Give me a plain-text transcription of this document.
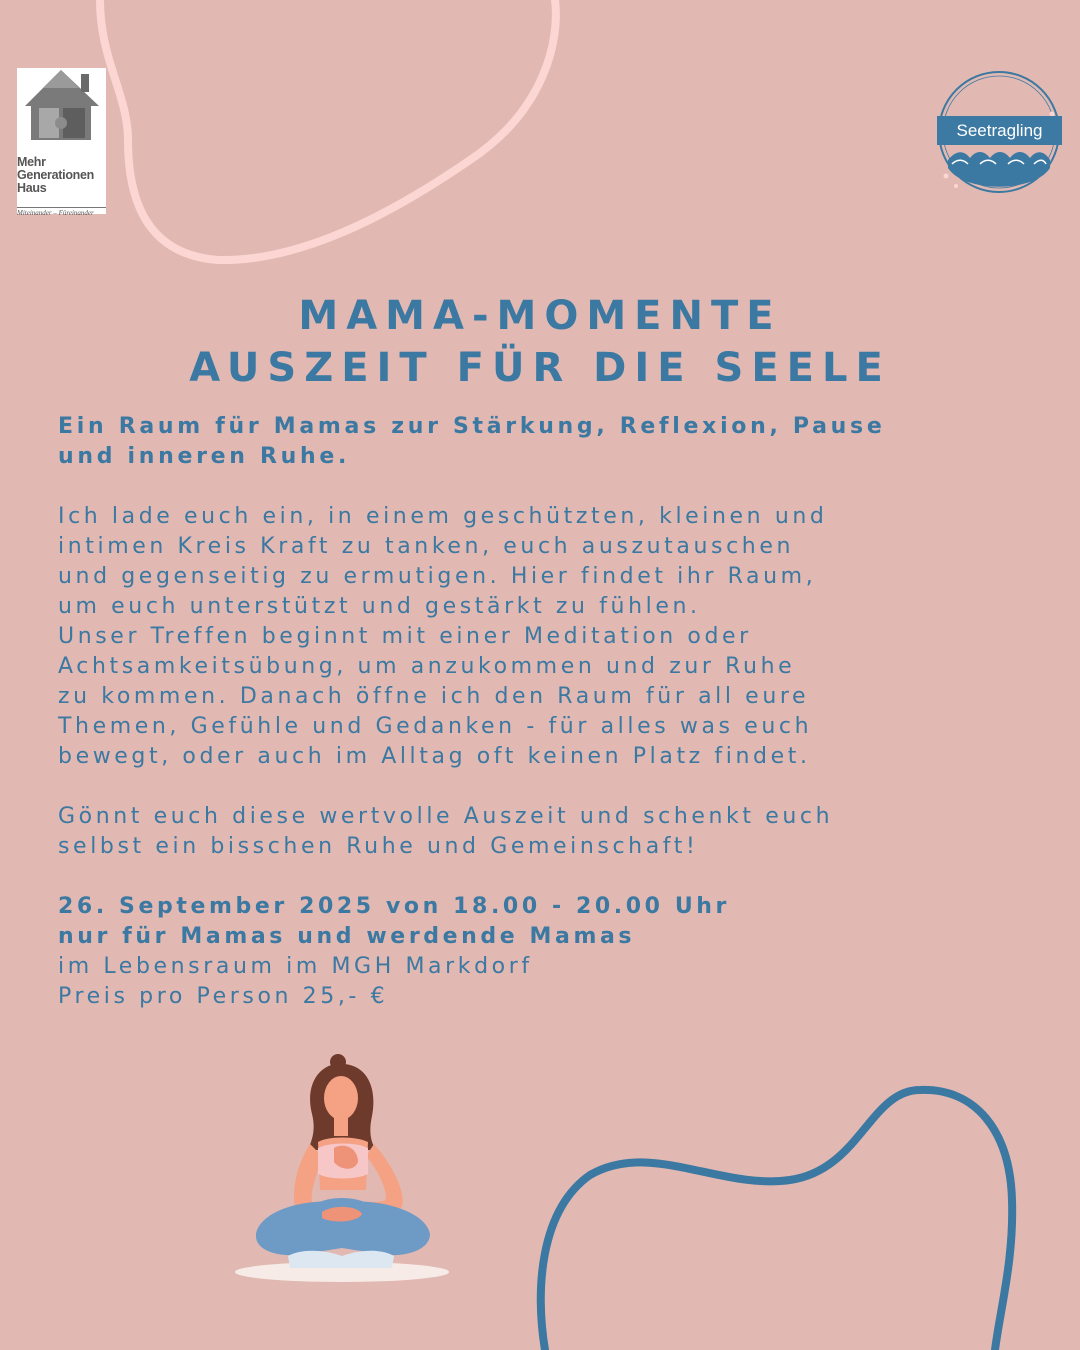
Mehr
Generationen
Haus
Miteinander – Füreinander
Seetragling
Trageberatung & Impulscoaching am Bodensee
MAMA-MOMENTE
AUSZEIT FÜR DIE SEELE

Ein Raum für Mamas zur Stärkung, Reflexion, Pause
und inneren Ruhe.

Ich lade euch ein, in einem geschützten, kleinen und
intimen Kreis Kraft zu tanken, euch auszutauschen
und gegenseitig zu ermutigen. Hier findet ihr Raum,
um euch unterstützt und gestärkt zu fühlen.
Unser Treffen beginnt mit einer Meditation oder
Achtsamkeitsübung, um anzukommen und zur Ruhe
zu kommen. Danach öffne ich den Raum für all eure
Themen, Gefühle und Gedanken - für alles was euch
bewegt, oder auch im Alltag oft keinen Platz findet.

Gönnt euch diese wertvolle Auszeit und schenkt euch
selbst ein bisschen Ruhe und Gemeinschaft!

26. September 2025 von 18.00 - 20.00 Uhr
nur für Mamas und werdende Mamas
im Lebensraum im MGH Markdorf
Preis pro Person 25,- €
